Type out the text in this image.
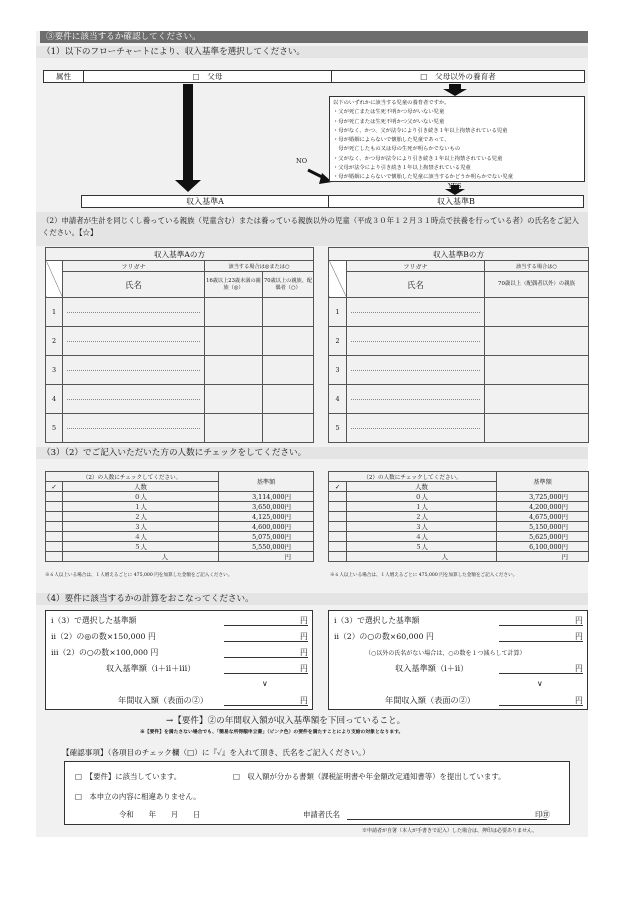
③要件に該当するか確認してください。
（1）以下のフローチャートにより、収入基準を選択してください。
属性	□　父母	□　父母以外の養育者
以下のいずれかに該当する児童の養育者ですか。
・父が死亡または生死不明かつ母がいない児童
・母が死亡または生死不明かつ父がいない児童
・母がなく、かつ、父が法令により引き続き１年以上拘禁されている児童
・母が婚姻によらないで懐胎した児童であって、
　母が死亡したもの又は母の生死が明らかでないもの
・父がなく、かつ母が法令により引き続き１年以上拘禁されている児童
・父母が法令により引き続き１年以上拘禁されている児童
・母が婚姻によらないで懐胎した児童に該当するかどうか明らかでない児童
NO
YES
収入基準A	収入基準B
（2）申請者が生計を同じくし養っている親族（児童含む）または養っている親族以外の児童（平成３０年１２月３１時点で扶養を行っている者）の氏名をご記入ください。【☆】
収入基準Aの方			
	フリガナ	該当する場合は◎または○	
	氏名	16歳以上23歳未満の親族（◎）	70歳以上の親族、配偶者（○）
1	

2	

3	

4	

5	

収入基準Bの方		
	フリガナ	該当する場合は○
	氏名	70歳以上（配偶者以外）の親族
1	

2	

3	

4	

5	

（3）（2）でご記入いただいた方の人数にチェックをしてください。
（2）の人数にチェックしてください。		基準額
✓	人数	
	０人	3,114,000円
	１人	3,650,000円
	２人	4,125,000円
	３人	4,600,000円
	４人	5,075,000円
	５人	5,550,000円
	人	円
※６人以上いる場合は、１人増えるごとに 475,000 円を加算した金額をご記入ください。
（2）の人数にチェックしてください。		基準額
✓	人数	
	０人	3,725,000円
	１人	4,200,000円
	２人	4,675,000円
	３人	5,150,000円
	４人	5,625,000円
	５人	6,100,000円
	人	円
※６人以上いる場合は、１人増えるごとに 475,000 円を加算した金額をご記入ください。
（4）要件に該当するかの計算をおこなってください。
ⅰ（3）で選択した基準額	円
ⅱ（2）の◎の数×150,000 円	円
ⅲ（2）の○の数×100,000 円	円
収入基準額（ⅰ＋ⅱ＋ⅲ）	円
∨
年間収入額（表面の②）	円
ⅰ（3）で選択した基準額	円
ⅱ（2）の○の数×60,000 円	円
（○以外の氏名がない場合は、○の数を１つ減らして計算）
収入基準額（ⅰ＋ⅱ）	円
∨
年間収入額（表面の②）	円
→【要件】②の年間収入額が収入基準額を下回っていること。
※【要件】を満たさない場合でも、「簡易な所得額申立書」（ピンク色）の要件を満たすことにより支給の対象となります。
【確認事項】（各項目のチェック欄（□）に『✓』を入れて頂き、氏名をご記入ください。）
□　【要件】に該当しています。	□　収入額が分かる書類（課税証明書や年金額改定通知書等）を提出しています。
□　本申立の内容に相違ありません。
令和　　年　　月　　日	申請者氏名	印㊞
※申請者が自署（本人が手書きで記入）した場合は、押印は必要ありません。
